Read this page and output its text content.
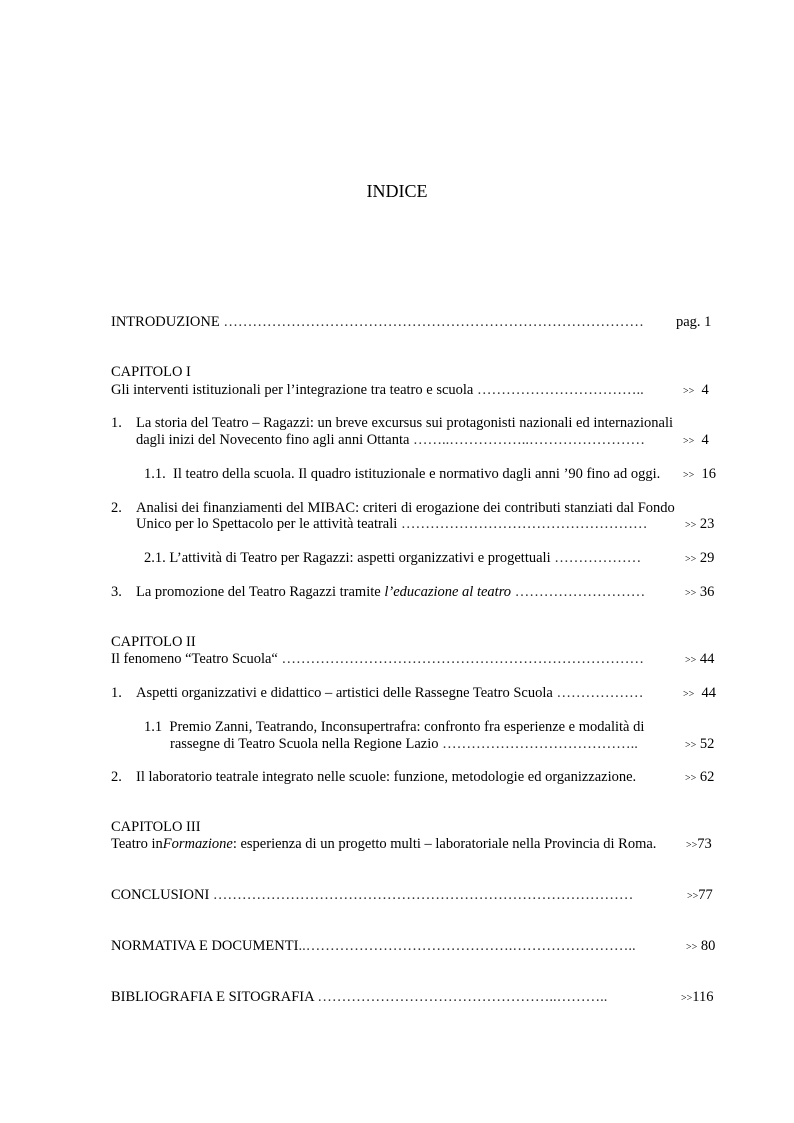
INDICE
INTRODUZIONE …………………………………………………………………………… pag. 1
CAPITOLO I
Gli interventi istituzionali per l’integrazione tra teatro e scuola ……………………………..	>> 4
1. La storia del Teatro – Ragazzi: un breve excursus sui protagonisti nazionali ed internazionali
dagli inizi del Novecento fino agli anni Ottanta ……..……………..……………………	>> 4
1.1. Il teatro della scuola. Il quadro istituzionale e normativo dagli anni ’90 fino ad oggi. >> 16
2. Analisi dei finanziamenti del MIBAC: criteri di erogazione dei contributi stanziati dal Fondo
Unico per lo Spettacolo per le attività teatrali ……………………………………………	>> 23
2.1. L’attività di Teatro per Ragazzi: aspetti organizzativi e progettuali ………………	>> 29
3. La promozione del Teatro Ragazzi tramite l’educazione al teatro ………………………	>> 36
CAPITOLO II
Il fenomeno “Teatro Scuola“ …………………………………………………………………	>> 44
1. Aspetti organizzativi e didattico – artistici delle Rassegne Teatro Scuola ………………	>> 44
1.1 Premio Zanni, Teatrando, Inconsupertrafra: confronto fra esperienze e modalità di
rassegne di Teatro Scuola nella Regione Lazio …………………………………..	>> 52
2. Il laboratorio teatrale integrato nelle scuole: funzione, metodologie ed organizzazione.	>> 62
CAPITOLO III
Teatro inFormazione: esperienza di un progetto multi – laboratoriale nella Provincia di Roma.	>>73
CONCLUSIONI ……………………………………………………………………………	>>77
NORMATIVA E DOCUMENTI..…………………………………….……………………..	>> 80
BIBLIOGRAFIA E SITOGRAFIA …………………………………………..………..	>>116
